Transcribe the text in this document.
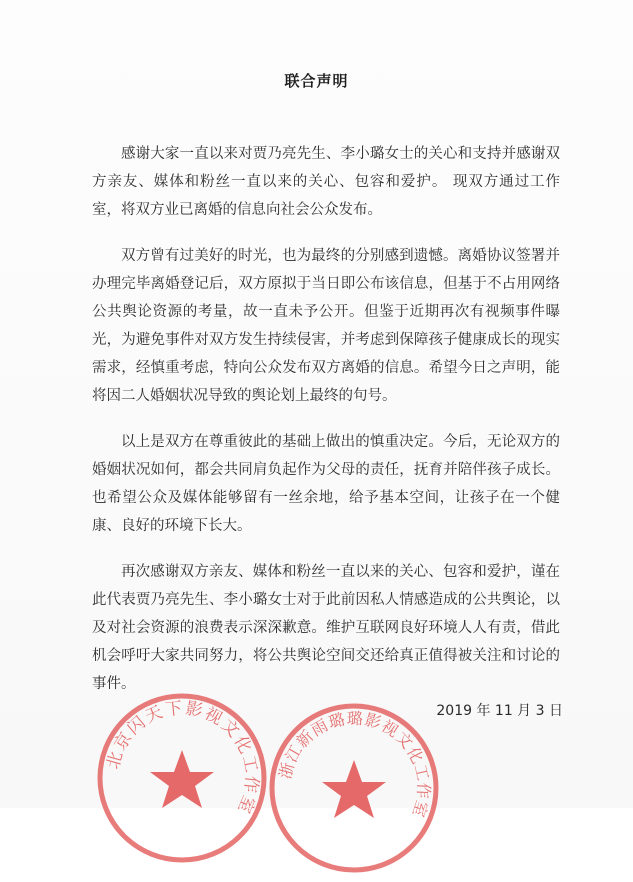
联合声明

感谢大家一直以来对贾乃亮先生、李小璐女士的关心和支持并感谢双方亲友、媒体和粉丝一直以来的关心、包容和爱护。 现双方通过工作室，将双方业已离婚的信息向社会公众发布。

双方曾有过美好的时光，也为最终的分别感到遗憾。离婚协议签署并办理完毕离婚登记后，双方原拟于当日即公布该信息，但基于不占用网络公共舆论资源的考量，故一直未予公开。但鉴于近期再次有视频事件曝光，为避免事件对双方发生持续侵害，并考虑到保障孩子健康成长的现实需求，经慎重考虑，特向公众发布双方离婚的信息。希望今日之声明，能将因二人婚姻状况导致的舆论划上最终的句号。

以上是双方在尊重彼此的基础上做出的慎重决定。今后，无论双方的婚姻状况如何，都会共同肩负起作为父母的责任，抚育并陪伴孩子成长。也希望公众及媒体能够留有一丝余地，给予基本空间，让孩子在一个健康、良好的环境下长大。

再次感谢双方亲友、媒体和粉丝一直以来的关心、包容和爱护，谨在此代表贾乃亮先生、李小璐女士对于此前因私人情感造成的公共舆论，以及对社会资源的浪费表示深深歉意。维护互联网良好环境人人有责，借此机会呼吁大家共同努力，将公共舆论空间交还给真正值得被关注和讨论的事件。

2019 年 11 月 3 日
北京闪天下影视文化工作室
浙江新雨璐璐影视文化工作室
